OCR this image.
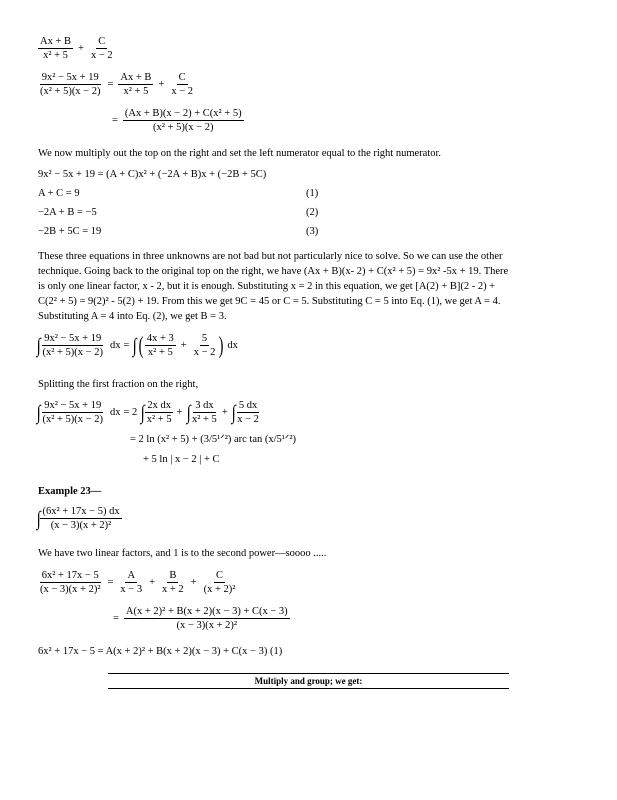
$\frac{Ax + B}{\text{x² + 5}} + \frac{C}{x - 2}$
$\frac{\text{9x² − 5x + 19}}{\text{(x² + 5)(x − 2)}} = \frac{Ax + B}{\text{x² + 5}} + \frac{C}{x - 2}$
= $\frac{\text{(Ax + B)(x − 2) + C(x² + 5)}}{\text{(x² + 5)(x − 2)}}$
We now multiply out the top on the right and set the left numerator equal to the right numerator.
9x² − 5x + 19 = (A + C)x² + (−2A + B)x + (−2B + 5C)
A + C = 9	(1)
−2A + B = −5	(2)
−2B + 5C = 19	(3)
These three equations in three unknowns are not bad but not particularly nice to solve. So we can use the other
technique. Going back to the original top on the right, we have (Ax + B)(x- 2) + C(x² + 5) = 9x² -5x + 19. There
is only one linear factor, x - 2, but it is enough. Substituting x = 2 in this equation, we get [A(2) + B](2 - 2) +
C(2² + 5) = 9(2)² - 5(2) + 19. From this we get 9C = 45 or C = 5. Substituting C = 5 into Eq. (1), we get A = 4.
Substituting A = 4 into Eq. (2), we get B = 3.
∫ $\frac{\text{9x² − 5x + 19}}{\text{(x² + 5)(x − 2)}}$ dx = ∫( $\frac{4x + 3}{\text{x² + 5}} + \frac{5}{x - 2}$ ) dx
Splitting the first fraction on the right,
∫ $\frac{\text{9x² − 5x + 19}}{\text{(x² + 5)(x − 2)}}$ dx = 2 ∫ $\frac{\text{2x dx}}{\text{x² + 5}}$ + ∫ $\frac{3 dx}{\text{x² + 5}}$ + ∫ $\frac{5 dx}{x - 2}$
= 2 ln (x² + 5) + (3/5¹ᐟ²) arc tan (x/5¹ᐟ²)
+ 5 ln | x − 2 | + C
Example 23—
∫ $\frac{\text{(6x² + 17x − 5) dx}}{\text{(x − 3)(x + 2)²}}$
We have two linear factors, and 1 is to the second power—soooo .....
$\frac{\text{6x² + 17x − 5}}{\text{(x − 3)(x + 2)²}} = \frac{A}{x - 3} + \frac{B}{x + 2} + \frac{C}{\text{(x + 2)²}}$
= $\frac{\text{A(x + 2)² + B(x + 2)(x − 3) + C(x − 3)}}{\text{(x − 3)(x + 2)²}}$
6x² + 17x − 5 = A(x + 2)² + B(x + 2)(x − 3) + C(x − 3) (1)
Multiply and group; we get:
